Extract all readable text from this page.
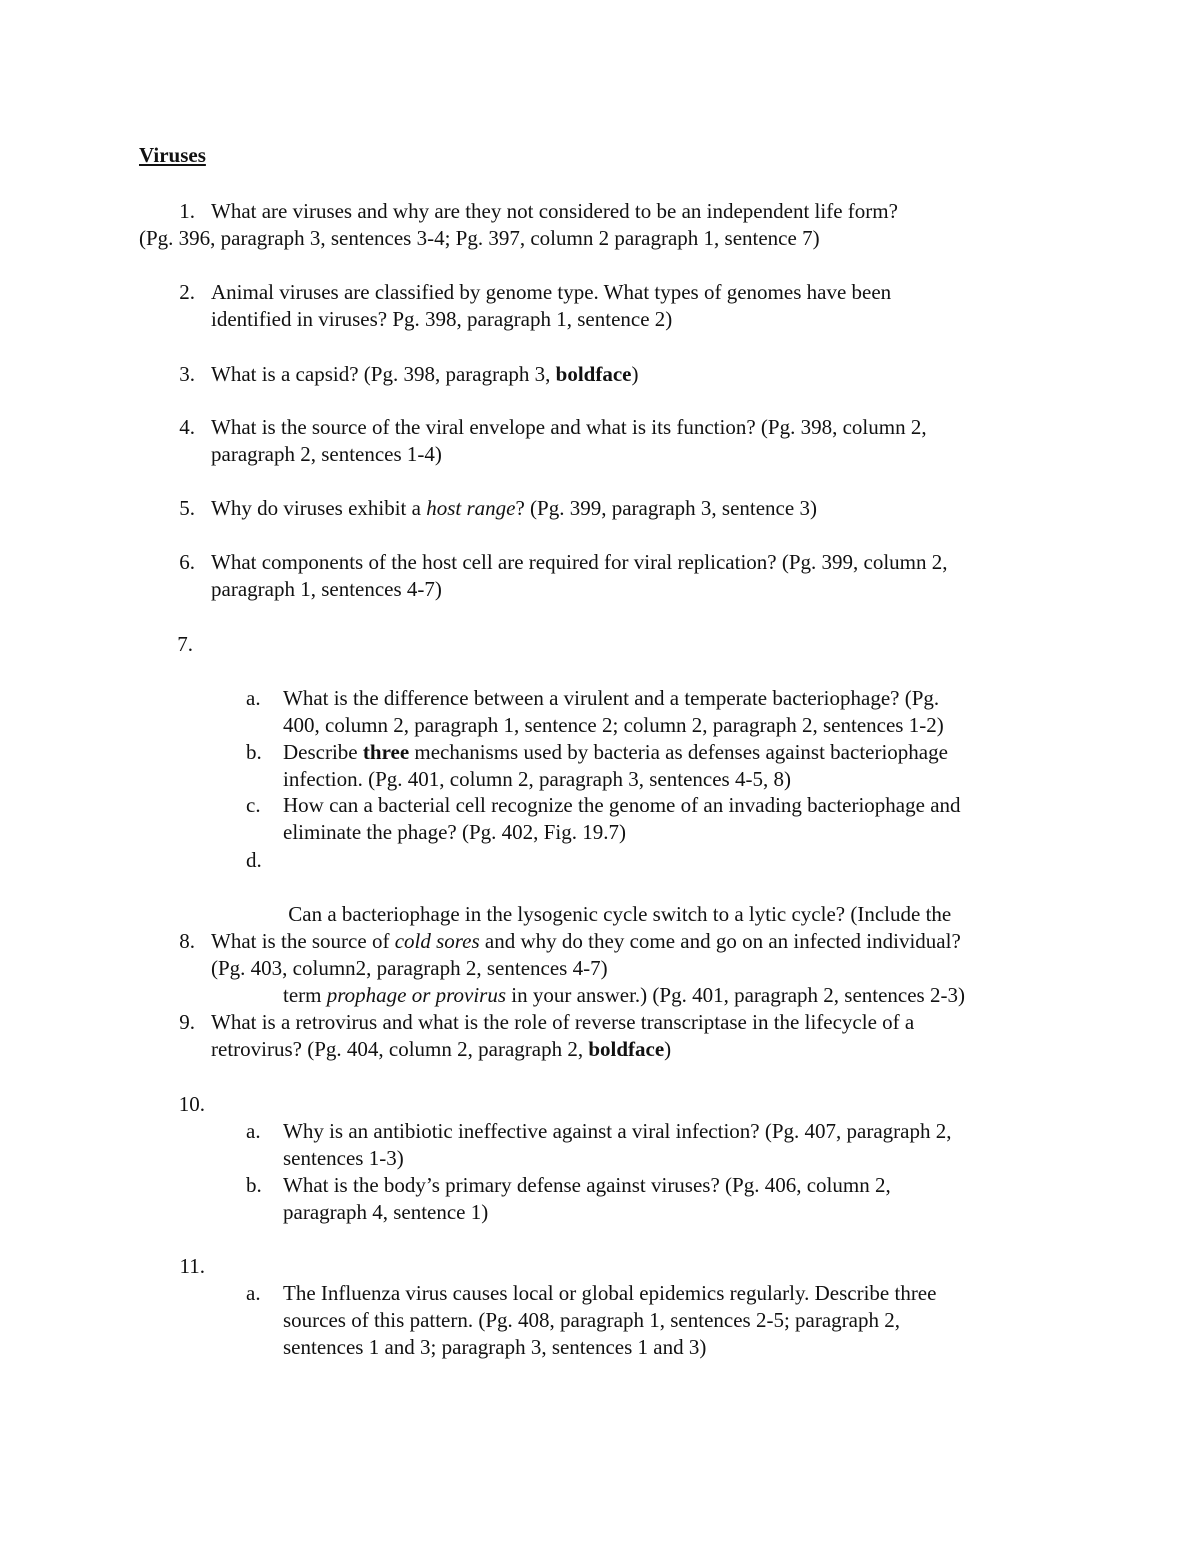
Viruses
1. What are viruses and why are they not considered to be an independent life form?
(Pg. 396, paragraph 3, sentences 3-4; Pg. 397, column 2 paragraph 1, sentence 7)
2. Animal viruses are classified by genome type. What types of genomes have been
identified in viruses? Pg. 398, paragraph 1, sentence 2)
3. What is a capsid? (Pg. 398, paragraph 3, boldface)
4. What is the source of the viral envelope and what is its function? (Pg. 398, column 2,
paragraph 2, sentences 1-4)
5. Why do viruses exhibit a host range? (Pg. 399, paragraph 3, sentence 3)
6. What components of the host cell are required for viral replication? (Pg. 399, column 2,
paragraph 1, sentences 4-7)
7.
a. What is the difference between a virulent and a temperate bacteriophage? (Pg.
400, column 2, paragraph 1, sentence 2; column 2, paragraph 2, sentences 1-2)
b. Describe three mechanisms used by bacteria as defenses against bacteriophage
infection. (Pg. 401, column 2, paragraph 3, sentences 4-5, 8)
c. How can a bacterial cell recognize the genome of an invading bacteriophage and
eliminate the phage? (Pg. 402, Fig. 19.7)
d.

Can a bacteriophage in the lysogenic cycle switch to a lytic cycle? (Include the

term prophage or provirus in your answer.) (Pg. 401, paragraph 2, sentences 2-3)

8. What is the source of cold sores and why do they come and go on an infected individual?
(Pg. 403, column2, paragraph 2, sentences 4-7)
9. What is a retrovirus and what is the role of reverse transcriptase in the lifecycle of a
retrovirus? (Pg. 404, column 2, paragraph 2, boldface)
10.
a. Why is an antibiotic ineffective against a viral infection? (Pg. 407, paragraph 2,
sentences 1-3)
b. What is the body’s primary defense against viruses? (Pg. 406, column 2,
paragraph 4, sentence 1)
11.
a. The Influenza virus causes local or global epidemics regularly. Describe three
sources of this pattern. (Pg. 408, paragraph 1, sentences 2-5; paragraph 2,
sentences 1 and 3; paragraph 3, sentences 1 and 3)
